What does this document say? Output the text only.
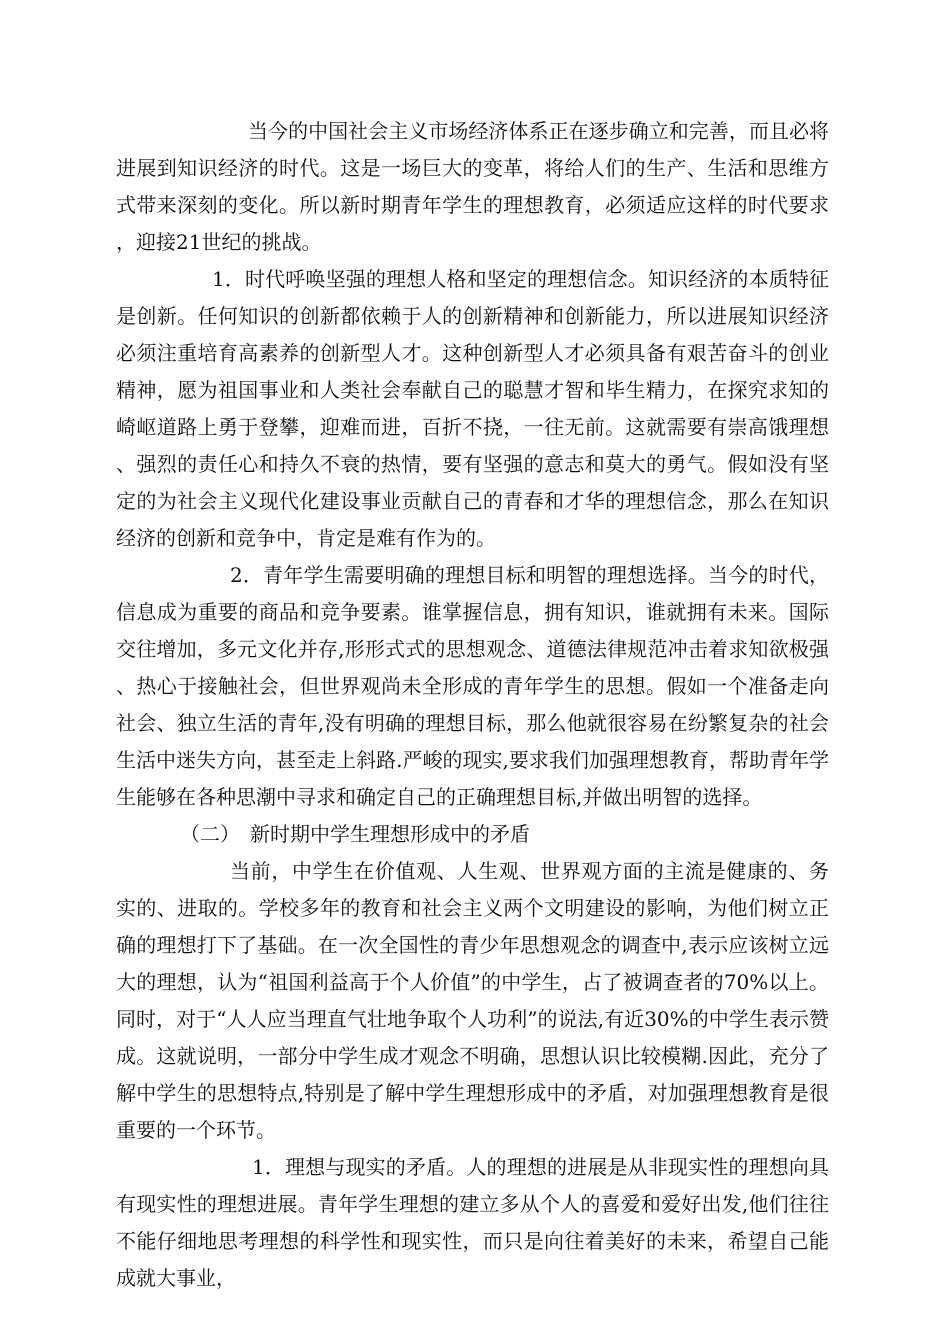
当今的中国社会主义市场经济体系正在逐步确立和完善，而且必将进展到知识经济的时代。这是一场巨大的变革，将给人们的生产、生活和思维方式带来深刻的变化。所以新时期青年学生的理想教育，必须适应这样的时代要求，迎接21世纪的挑战。

1．时代呼唤坚强的理想人格和坚定的理想信念。知识经济的本质特征是创新。任何知识的创新都依赖于人的创新精神和创新能力，所以进展知识经济必须注重培育高素养的创新型人才。这种创新型人才必须具备有艰苦奋斗的创业精神，愿为祖国事业和人类社会奉献自己的聪慧才智和毕生精力，在探究求知的崎岖道路上勇于登攀，迎难而进，百折不挠，一往无前。这就需要有崇高饿理想、强烈的责任心和持久不衰的热情，要有坚强的意志和莫大的勇气。假如没有坚定的为社会主义现代化建设事业贡献自己的青春和才华的理想信念，那么在知识经济的创新和竞争中，肯定是难有作为的。

2．青年学生需要明确的理想目标和明智的理想选择。当今的时代，信息成为重要的商品和竞争要素。谁掌握信息，拥有知识，谁就拥有未来。国际交往增加，多元文化并存,形形式式的思想观念、道德法律规范冲击着求知欲极强、热心于接触社会，但世界观尚未全形成的青年学生的思想。假如一个准备走向社会、独立生活的青年,没有明确的理想目标，那么他就很容易在纷繁复杂的社会生活中迷失方向，甚至走上斜路.严峻的现实,要求我们加强理想教育，帮助青年学生能够在各种思潮中寻求和确定自己的正确理想目标,并做出明智的选择。

（二）　新时期中学生理想形成中的矛盾

当前，中学生在价值观、人生观、世界观方面的主流是健康的、务实的、进取的。学校多年的教育和社会主义两个文明建设的影响，为他们树立正确的理想打下了基础。在一次全国性的青少年思想观念的调查中,表示应该树立远大的理想，认为“祖国利益高于个人价值”的中学生，占了被调查者的70%以上。同时，对于“人人应当理直气壮地争取个人功利”的说法,有近30%的中学生表示赞成。这就说明，一部分中学生成才观念不明确，思想认识比较模糊.因此，充分了解中学生的思想特点,特别是了解中学生理想形成中的矛盾，对加强理想教育是很重要的一个环节。

1．理想与现实的矛盾。人的理想的进展是从非现实性的理想向具有现实性的理想进展。青年学生理想的建立多从个人的喜爱和爱好出发,他们往往不能仔细地思考理想的科学性和现实性，而只是向往着美好的未来，希望自己能成就大事业，
